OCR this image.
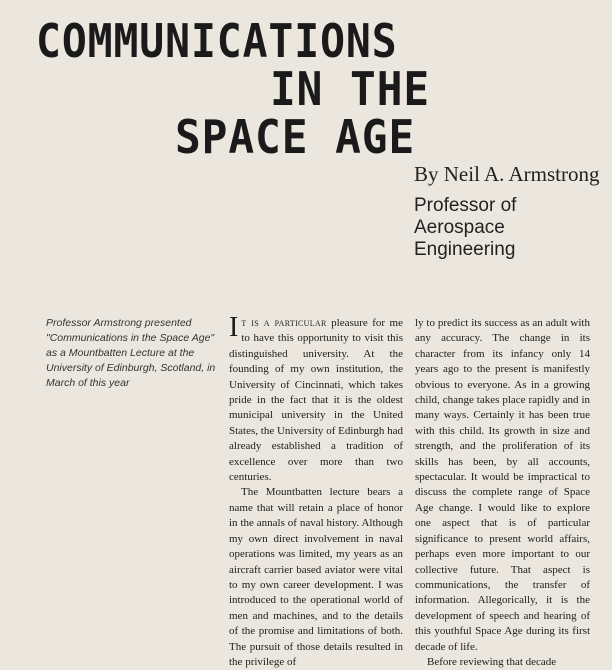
COMMUNICATIONS
IN THE
SPACE AGE
By Neil A. Armstrong
Professor of Aerospace Engineering
Professor Armstrong presented "Communications in the Space Age" as a Mountbatten Lecture at the University of Edinburgh, Scotland, in March of this year

It is a particular pleasure for me to have this opportunity to visit this distinguished university. At the founding of my own institution, the University of Cincinnati, which takes pride in the fact that it is the oldest municipal university in the United States, the University of Edinburgh had already established a tradition of excellence over more than two centuries.

The Mountbatten lecture bears a name that will retain a place of honor in the annals of naval history. Although my own direct involvement in naval operations was limited, my years as an aircraft carrier based aviator were vital to my own career development. I was introduced to the operational world of men and machines, and to the details of the promise and limitations of both. The pursuit of those details resulted in the privilege of

ly to predict its success as an adult with any accuracy. The change in its character from its infancy only 14 years ago to the present is manifestly obvious to everyone. As in a growing child, change takes place rapidly and in many ways. Certainly it has been true with this child. Its growth in size and strength, and the proliferation of its skills has been, by all accounts, spectacular. It would be impractical to discuss the complete range of Space Age change. I would like to explore one aspect that is of particular significance to present world affairs, perhaps even more important to our collective future. That aspect is communications, the transfer of information. Allegorically, it is the development of speech and hearing of this youthful Space Age during its first decade of life.

Before reviewing that decade
